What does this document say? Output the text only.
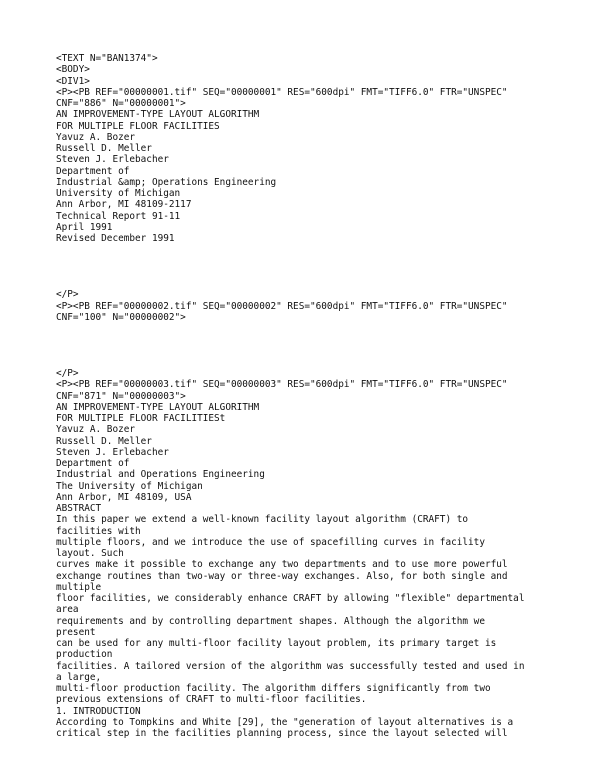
<TEXT N="BAN1374">
<BODY>
<DIV1>
<P><PB REF="00000001.tif" SEQ="00000001" RES="600dpi" FMT="TIFF6.0" FTR="UNSPEC"
CNF="886" N="00000001">
AN IMPROVEMENT-TYPE LAYOUT ALGORITHM
FOR MULTIPLE FLOOR FACILITIES
Yavuz A. Bozer
Russell D. Meller
Steven J. Erlebacher
Department of
Industrial &amp; Operations Engineering
University of Michigan
Ann Arbor, MI 48109-2117
Technical Report 91-11
April 1991
Revised December 1991
</P>
<P><PB REF="00000002.tif" SEQ="00000002" RES="600dpi" FMT="TIFF6.0" FTR="UNSPEC"
CNF="100" N="00000002">
</P>
<P><PB REF="00000003.tif" SEQ="00000003" RES="600dpi" FMT="TIFF6.0" FTR="UNSPEC"
CNF="871" N="00000003">
AN IMPROVEMENT-TYPE LAYOUT ALGORITHM
FOR MULTIPLE FLOOR FACILITIESt
Yavuz A. Bozer
Russell D. Meller
Steven J. Erlebacher
Department of
Industrial and Operations Engineering
The University of Michigan
Ann Arbor, MI 48109, USA
ABSTRACT
In this paper we extend a well-known facility layout algorithm (CRAFT) to
facilities with
multiple floors, and we introduce the use of spacefilling curves in facility
layout. Such
curves make it possible to exchange any two departments and to use more powerful
exchange routines than two-way or three-way exchanges. Also, for both single and
multiple
floor facilities, we considerably enhance CRAFT by allowing "flexible" departmental
area
requirements and by controlling department shapes. Although the algorithm we
present
can be used for any multi-floor facility layout problem, its primary target is
production
facilities. A tailored version of the algorithm was successfully tested and used in
a large,
multi-floor production facility. The algorithm differs significantly from two
previous extensions of CRAFT to multi-floor facilities.
1. INTRODUCTION
According to Tompkins and White [29], the "generation of layout alternatives is a
critical step in the facilities planning process, since the layout selected will
